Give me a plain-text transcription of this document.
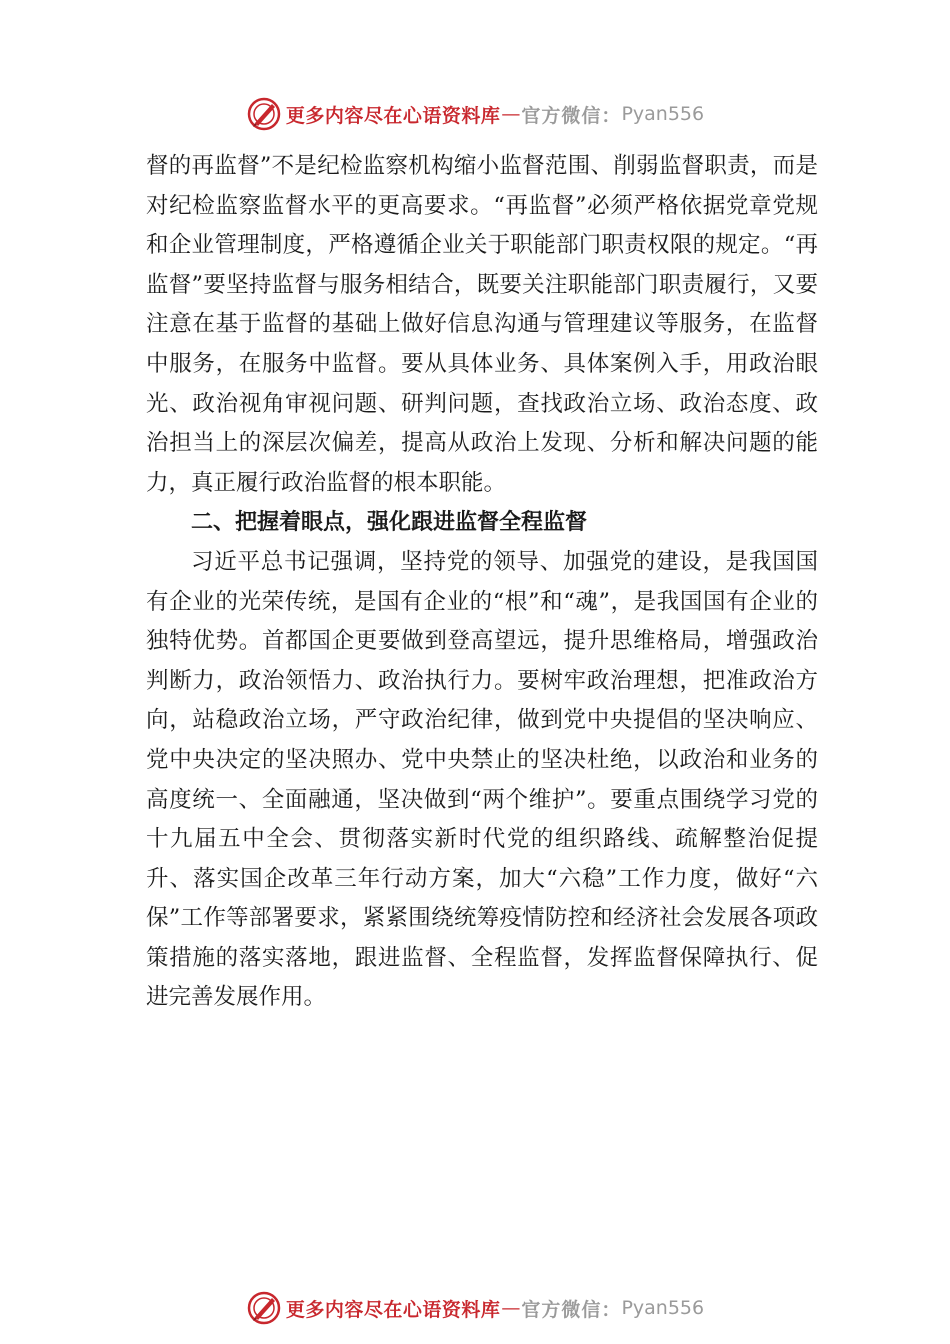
更多内容尽在心语资料库 — 官方微信： Pyan556

督的再监督”不是纪检监察机构缩小监督范围、削弱监督职责，而是对纪检监察监督水平的更高要求。“再监督”必须严格依据党章党规和企业管理制度，严格遵循企业关于职能部门职责权限的规定。“再监督”要坚持监督与服务相结合，既要关注职能部门职责履行，又要注意在基于监督的基础上做好信息沟通与管理建议等服务，在监督中服务，在服务中监督。要从具体业务、具体案例入手，用政治眼光、政治视角审视问题、研判问题，查找政治立场、政治态度、政治担当上的深层次偏差，提高从政治上发现、分析和解决问题的能力，真正履行政治监督的根本职能。

二、把握着眼点，强化跟进监督全程监督

习近平总书记强调，坚持党的领导、加强党的建设，是我国国有企业的光荣传统，是国有企业的“根”和“魂”，是我国国有企业的独特优势。首都国企更要做到登高望远，提升思维格局，增强政治判断力，政治领悟力、政治执行力。要树牢政治理想，把准政治方向，站稳政治立场，严守政治纪律，做到党中央提倡的坚决响应、党中央决定的坚决照办、党中央禁止的坚决杜绝，以政治和业务的高度统一、全面融通，坚决做到“两个维护”。要重点围绕学习党的十九届五中全会、贯彻落实新时代党的组织路线、疏解整治促提升、落实国企改革三年行动方案，加大“六稳”工作力度，做好“六保”工作等部署要求，紧紧围绕统筹疫情防控和经济社会发展各项政策措施的落实落地，跟进监督、全程监督，发挥监督保障执行、促进完善发展作用。

更多内容尽在心语资料库 — 官方微信： Pyan556
